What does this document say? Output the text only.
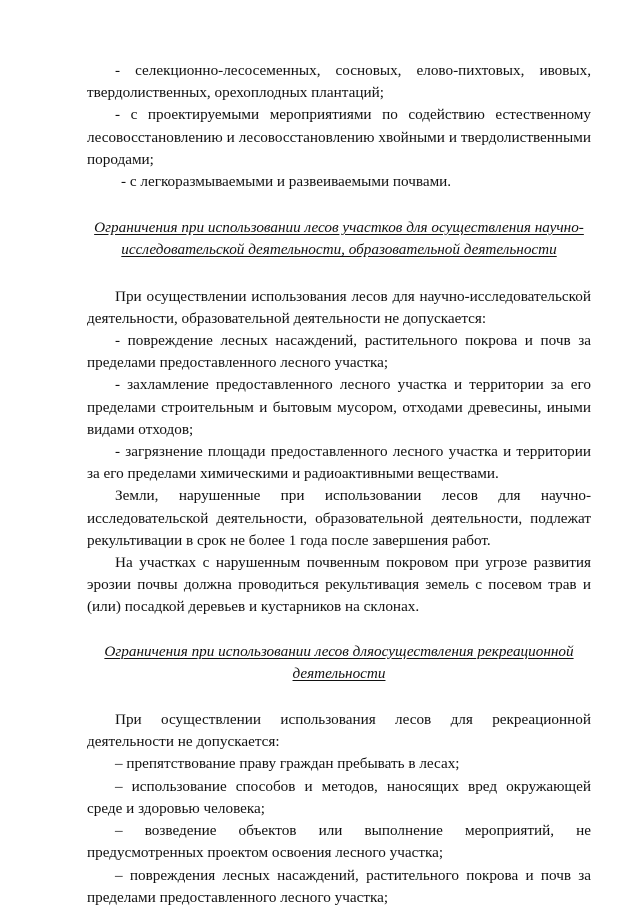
- селекционно-лесосеменных, сосновых, елово-пихтовых, ивовых, твердолиственных, орехоплодных плантаций;

- с проектируемыми мероприятиями по содействию естественному лесовосстановлению и лесовосстановлению хвойными и твердолиственными породами;

- с легкоразмываемыми и развеиваемыми почвами.

Ограничения при использовании лесов участков для осуществления научно-исследовательской деятельности, образовательной деятельности

При осуществлении использования лесов для научно-исследовательской деятельности, образовательной деятельности не допускается:

- повреждение лесных насаждений, растительного покрова и почв за пределами предоставленного лесного участка;

- захламление предоставленного лесного участка и территории за его пределами строительным и бытовым мусором, отходами древесины, иными видами отходов;

- загрязнение площади предоставленного лесного участка и территории за его пределами химическими и радиоактивными веществами.

Земли, нарушенные при использовании лесов для научно-исследовательской деятельности, образовательной деятельности, подлежат рекультивации в срок не более 1 года после завершения работ.

На участках с нарушенным почвенным покровом при угрозе развития эрозии почвы должна проводиться рекультивация земель с посевом трав и (или) посадкой деревьев и кустарников на склонах.

Ограничения при использовании лесов дляосуществления рекреационной деятельности

При осуществлении использования лесов для рекреационной деятельности не допускается:

– препятствование праву граждан пребывать в лесах;

– использование способов и методов, наносящих вред окружающей среде и здоровью человека;

– возведение объектов или выполнение мероприятий, не предусмотренных проектом освоения лесного участка;

– повреждения лесных насаждений, растительного покрова и почв за пределами предоставленного лесного участка;
